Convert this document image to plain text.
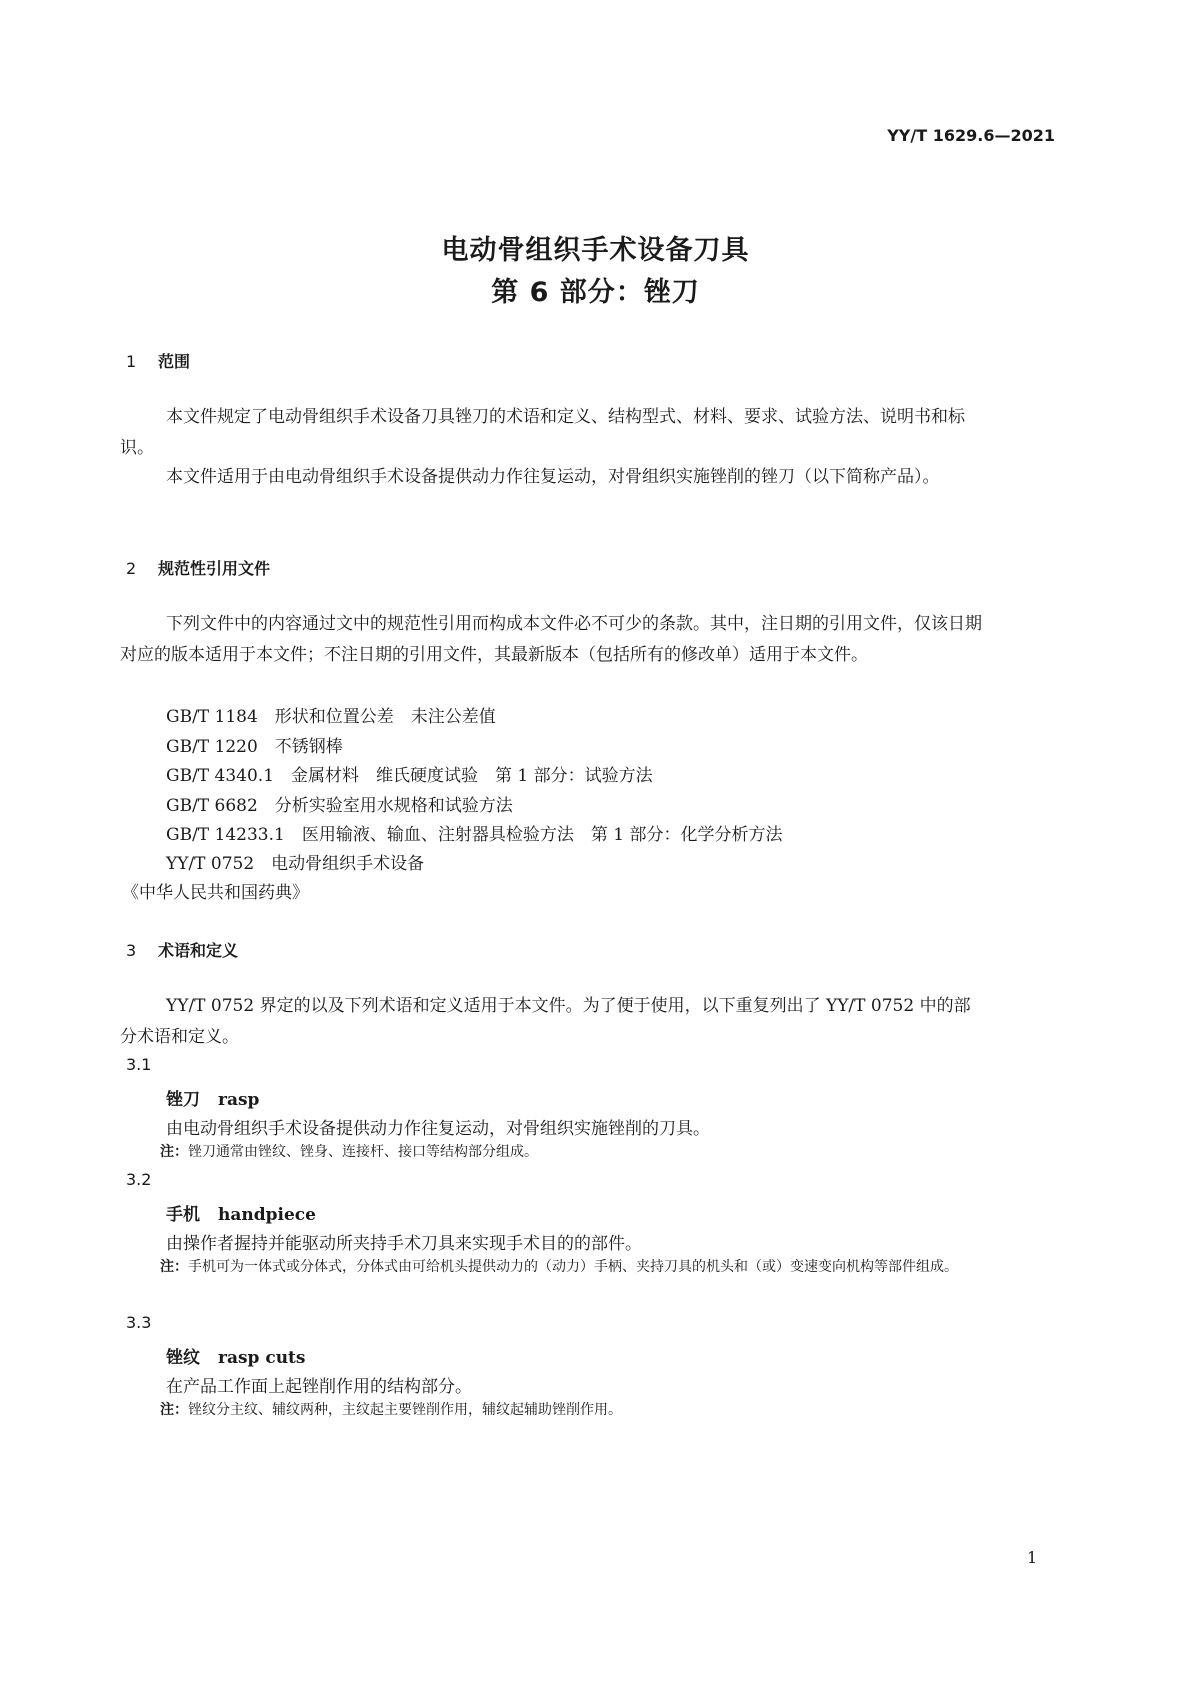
YY/T 1629.6—2021
电动骨组织手术设备刀具
第 6 部分：锉刀
1 范围
本文件规定了电动骨组织手术设备刀具锉刀的术语和定义、结构型式、材料、要求、试验方法、说明书和标识。
本文件适用于由电动骨组织手术设备提供动力作往复运动，对骨组织实施锉削的锉刀（以下简称产品）。
2 规范性引用文件
下列文件中的内容通过文中的规范性引用而构成本文件必不可少的条款。其中，注日期的引用文件，仅该日期对应的版本适用于本文件；不注日期的引用文件，其最新版本（包括所有的修改单）适用于本文件。
GB/T 1184　形状和位置公差　未注公差值
GB/T 1220　不锈钢棒
GB/T 4340.1　金属材料　维氏硬度试验　第 1 部分：试验方法
GB/T 6682　分析实验室用水规格和试验方法
GB/T 14233.1　医用输液、输血、注射器具检验方法　第 1 部分：化学分析方法
YY/T 0752　电动骨组织手术设备
《中华人民共和国药典》
3 术语和定义
YY/T 0752 界定的以及下列术语和定义适用于本文件。为了便于使用，以下重复列出了 YY/T 0752 中的部分术语和定义。
3.1
锉刀 rasp
由电动骨组织手术设备提供动力作往复运动，对骨组织实施锉削的刀具。
注：锉刀通常由锉纹、锉身、连接杆、接口等结构部分组成。
3.2
手机 handpiece
由操作者握持并能驱动所夹持手术刀具来实现手术目的的部件。
注： 手机可为一体式或分体式，分体式由可给机头提供动力的（动力）手柄、夹持刀具的机头和（或）变速变向机构等部件组成。
3.3
锉纹 rasp cuts
在产品工作面上起锉削作用的结构部分。
注：锉纹分主纹、辅纹两种，主纹起主要锉削作用，辅纹起辅助锉削作用。
1
